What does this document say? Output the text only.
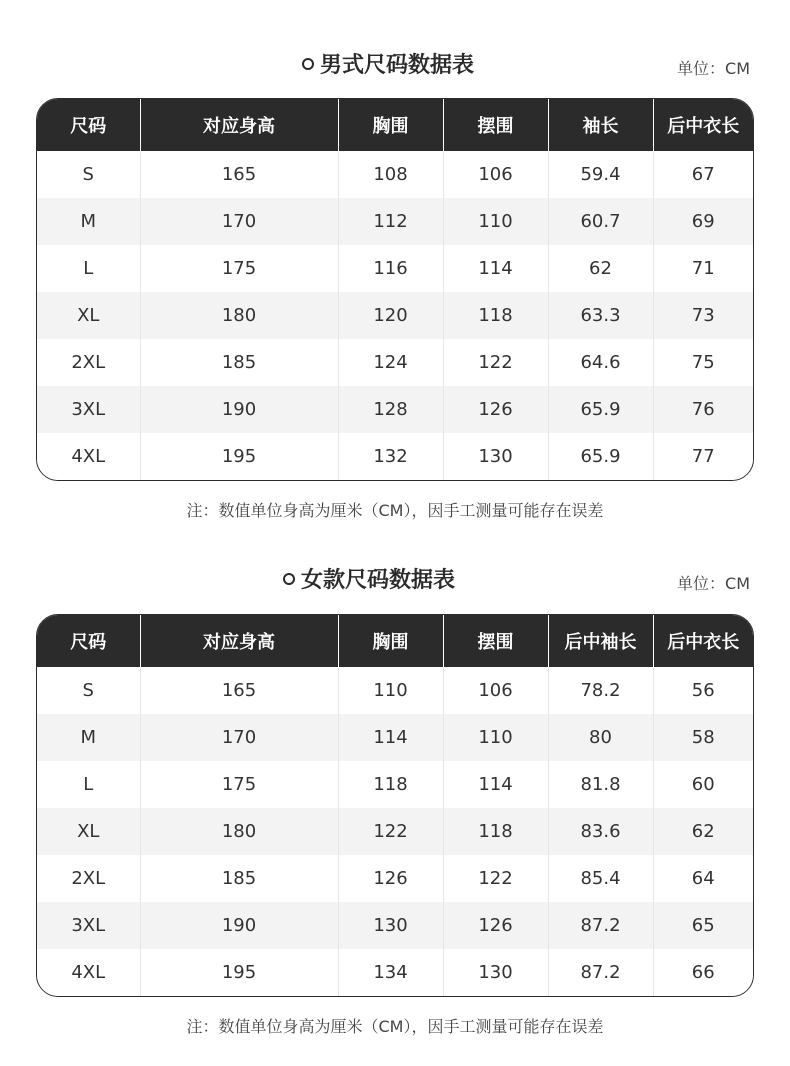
男式尺码数据表	单位：CM
尺码	对应身高	胸围	摆围	袖长	后中衣长
S	165	108	106	59.4	67
M	170	112	110	60.7	69
L	175	116	114	62	71
XL	180	120	118	63.3	73
2XL	185	124	122	64.6	75
3XL	190	128	126	65.9	76
4XL	195	132	130	65.9	77
注：数值单位身高为厘米（CM），因手工测量可能存在误差
女款尺码数据表	单位：CM
尺码	对应身高	胸围	摆围	后中袖长	后中衣长
S	165	110	106	78.2	56
M	170	114	110	80	58
L	175	118	114	81.8	60
XL	180	122	118	83.6	62
2XL	185	126	122	85.4	64
3XL	190	130	126	87.2	65
4XL	195	134	130	87.2	66
注：数值单位身高为厘米（CM），因手工测量可能存在误差
